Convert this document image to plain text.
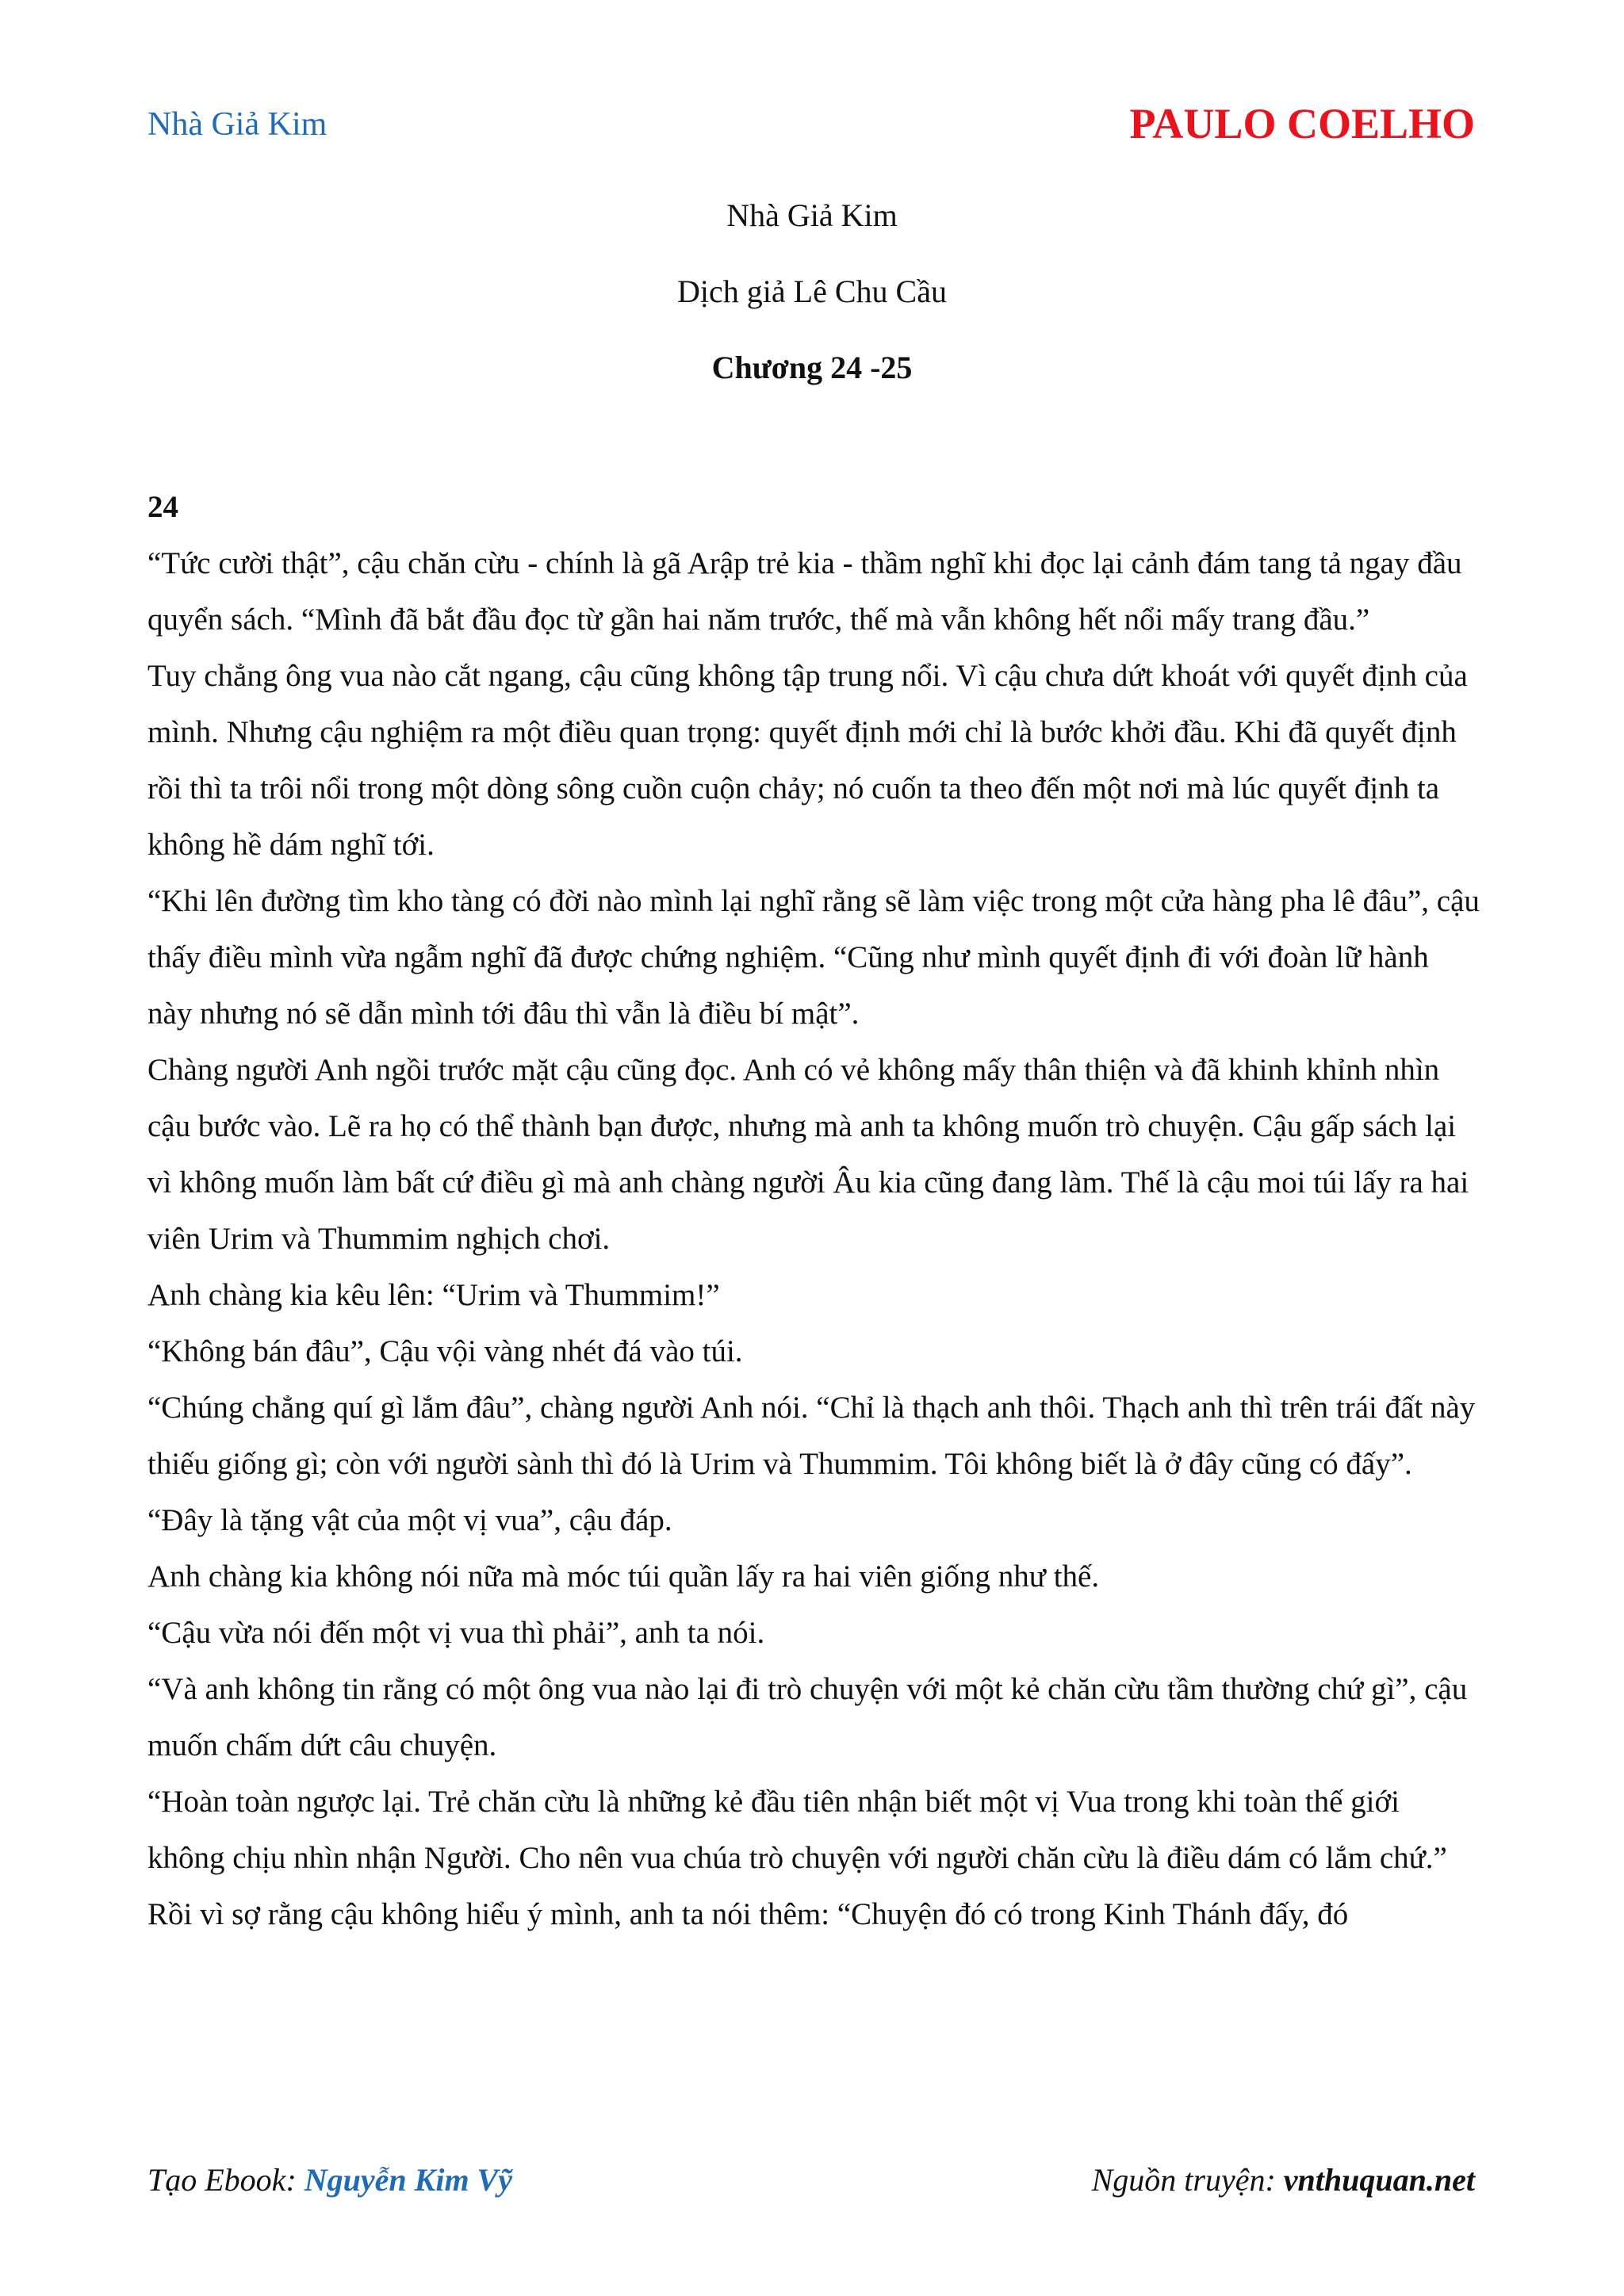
Nhà Giả Kim	PAULO COELHO
Nhà Giả Kim
Dịch giả Lê Chu Cầu
Chương 24 -25

24

“Tức cười thật”, cậu chăn cừu - chính là gã Arập trẻ kia - thầm nghĩ khi đọc lại cảnh đám tang tả ngay đầu quyển sách. “Mình đã bắt đầu đọc từ gần hai năm trước, thế mà vẫn không hết nổi mấy trang đầu.”

Tuy chẳng ông vua nào cắt ngang, cậu cũng không tập trung nổi. Vì cậu chưa dứt khoát với quyết định của mình. Nhưng cậu nghiệm ra một điều quan trọng: quyết định mới chỉ là bước khởi đầu. Khi đã quyết định rồi thì ta trôi nổi trong một dòng sông cuồn cuộn chảy; nó cuốn ta theo đến một nơi mà lúc quyết định ta không hề dám nghĩ tới.

“Khi lên đường tìm kho tàng có đời nào mình lại nghĩ rằng sẽ làm việc trong một cửa hàng pha lê đâu”, cậu thấy điều mình vừa ngẫm nghĩ đã được chứng nghiệm. “Cũng như mình quyết định đi với đoàn lữ hành này nhưng nó sẽ dẫn mình tới đâu thì vẫn là điều bí mật”.

Chàng người Anh ngồi trước mặt cậu cũng đọc. Anh có vẻ không mấy thân thiện và đã khinh khỉnh nhìn cậu bước vào. Lẽ ra họ có thể thành bạn được, nhưng mà anh ta không muốn trò chuyện. Cậu gấp sách lại vì không muốn làm bất cứ điều gì mà anh chàng người Âu kia cũng đang làm. Thế là cậu moi túi lấy ra hai viên Urim và Thummim nghịch chơi.

Anh chàng kia kêu lên: “Urim và Thummim!”

“Không bán đâu”, Cậu vội vàng nhét đá vào túi.

“Chúng chẳng quí gì lắm đâu”, chàng người Anh nói. “Chỉ là thạch anh thôi. Thạch anh thì trên trái đất này thiếu giống gì; còn với người sành thì đó là Urim và Thummim. Tôi không biết là ở đây cũng có đấy”.

“Đây là tặng vật của một vị vua”, cậu đáp.

Anh chàng kia không nói nữa mà móc túi quần lấy ra hai viên giống như thế.

“Cậu vừa nói đến một vị vua thì phải”, anh ta nói.

“Và anh không tin rằng có một ông vua nào lại đi trò chuyện với một kẻ chăn cừu tầm thường chứ gì”, cậu muốn chấm dứt câu chuyện.

“Hoàn toàn ngược lại. Trẻ chăn cừu là những kẻ đầu tiên nhận biết một vị Vua trong khi toàn thế giới không chịu nhìn nhận Người. Cho nên vua chúa trò chuyện với người chăn cừu là điều dám có lắm chứ.”

Rồi vì sợ rằng cậu không hiểu ý mình, anh ta nói thêm: “Chuyện đó có trong Kinh Thánh đấy, đó

Tạo Ebook: Nguyễn Kim Vỹ	Nguồn truyện: vnthuquan.net
